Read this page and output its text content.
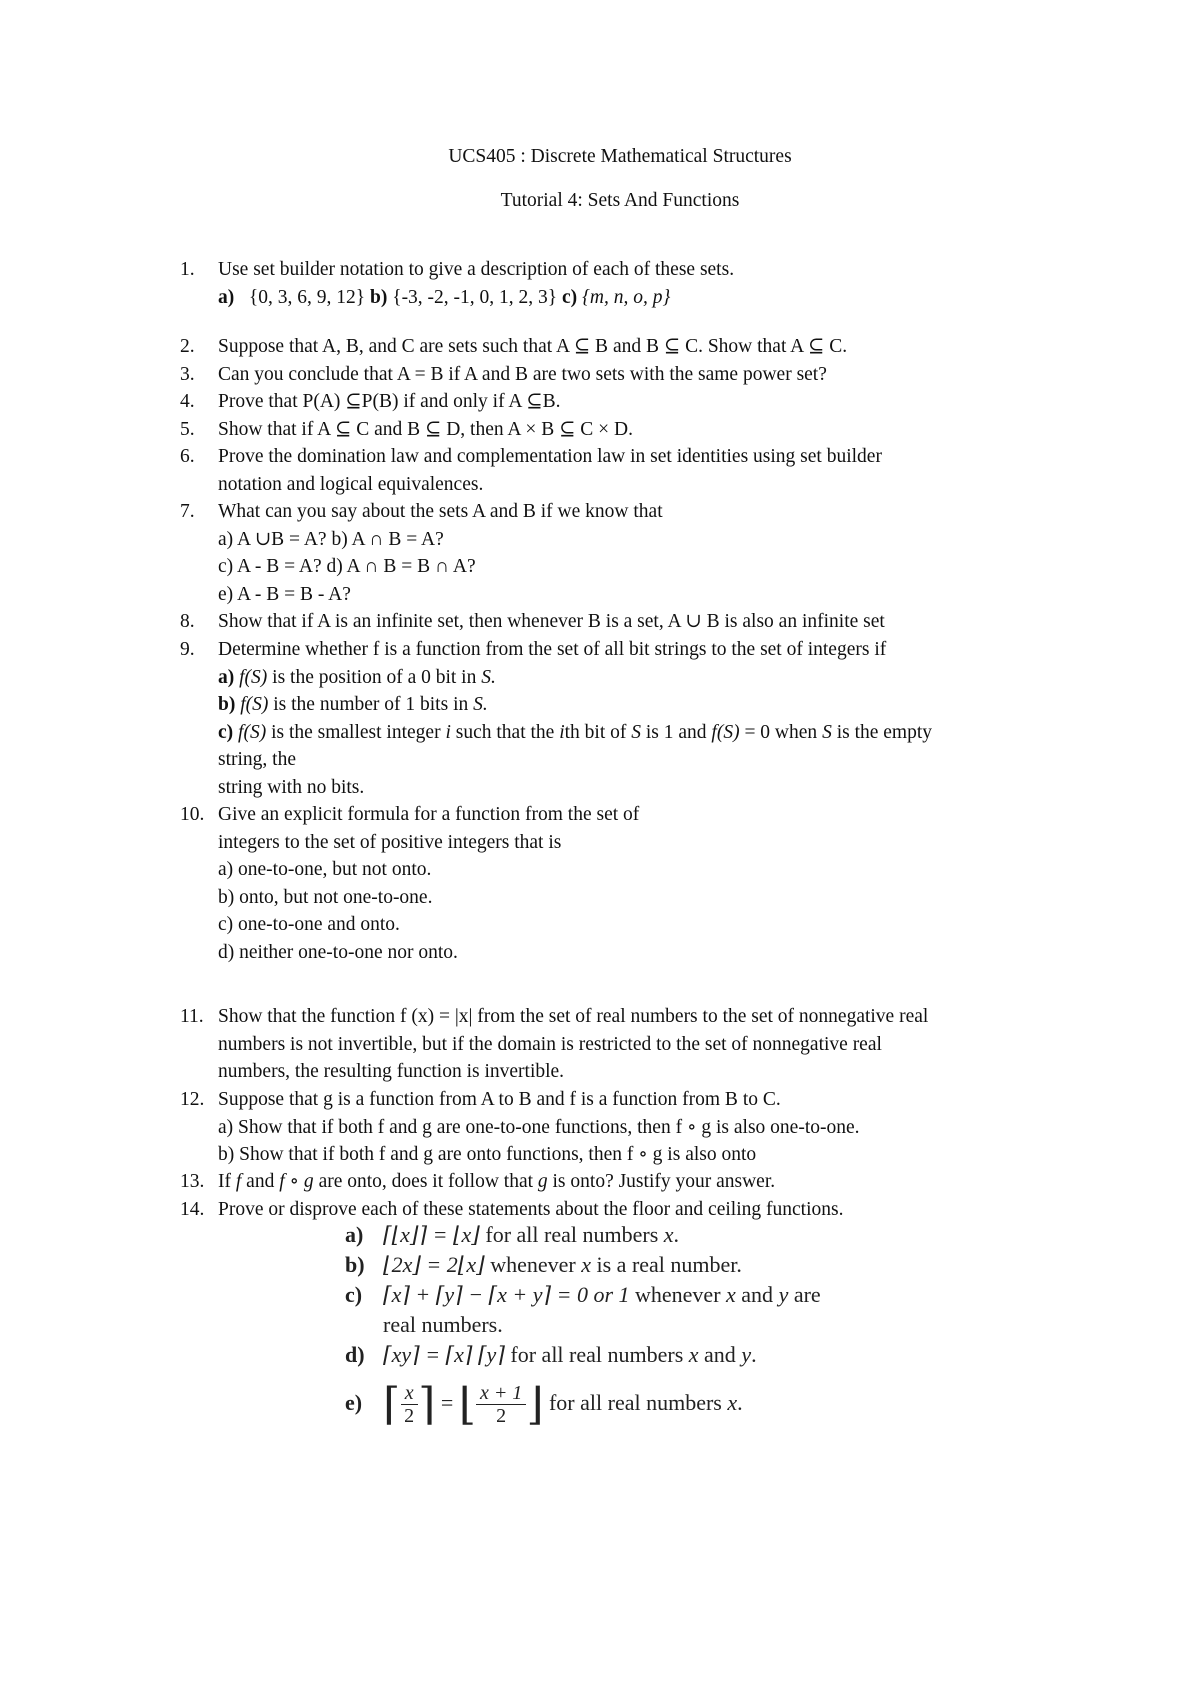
UCS405 : Discrete Mathematical Structures
Tutorial 4: Sets And Functions
1.	Use set builder notation to give a description of each of these sets.
a) {0, 3, 6, 9, 12} b) {-3, -2, -1, 0, 1, 2, 3} c) {m, n, o, p}
2.	Suppose that A, B, and C are sets such that A ⊆ B and B ⊆ C. Show that A ⊆ C.
3.	Can you conclude that A = B if A and B are two sets with the same power set?
4.	Prove that P(A) ⊆P(B) if and only if A ⊆B.
5.	Show that if A ⊆ C and B ⊆ D, then A × B ⊆ C × D.
6.	Prove the domination law and complementation law in set identities using set builder
notation and logical equivalences.
7.	What can you say about the sets A and B if we know that
a) A ∪B = A? b) A ∩ B = A?
c) A - B = A? d) A ∩ B = B ∩ A?
e) A - B = B - A?
8.	Show that if A is an infinite set, then whenever B is a set, A ∪ B is also an infinite set
9.	Determine whether f is a function from the set of all bit strings to the set of integers if
a) f(S) is the position of a 0 bit in S.
b) f(S) is the number of 1 bits in S.
c) f(S) is the smallest integer i such that the ith bit of S is 1 and f(S) = 0 when S is the empty
string, the
string with no bits.
10. Give an explicit formula for a function from the set of
integers to the set of positive integers that is
a) one-to-one, but not onto.
b) onto, but not one-to-one.
c) one-to-one and onto.
d) neither one-to-one nor onto.
11. Show that the function f (x) = |x| from the set of real numbers to the set of nonnegative real
numbers is not invertible, but if the domain is restricted to the set of nonnegative real
numbers, the resulting function is invertible.
12. Suppose that g is a function from A to B and f is a function from B to C.
a) Show that if both f and g are one-to-one functions, then f ∘ g is also one-to-one.
b) Show that if both f and g are onto functions, then f ∘ g is also onto
13. If f and f ∘ g are onto, does it follow that g is onto? Justify your answer.
14. Prove or disprove each of these statements about the floor and ceiling functions.
a) ⌈⌊x⌋⌉ = ⌊x⌋ for all real numbers x.
b) ⌊2x⌋ = 2⌊x⌋ whenever x is a real number.
c) ⌈x⌉ + ⌈y⌉ − ⌈x + y⌉ = 0 or 1 whenever x and y are
real numbers.
d) ⌈xy⌉ = ⌈x⌉ ⌈y⌉ for all real numbers x and y.
e) ⌈ $\frac{x}{2}$ ⌉ = ⌊ $\frac{x + 1}{2}$ ⌋ for all real numbers x.
